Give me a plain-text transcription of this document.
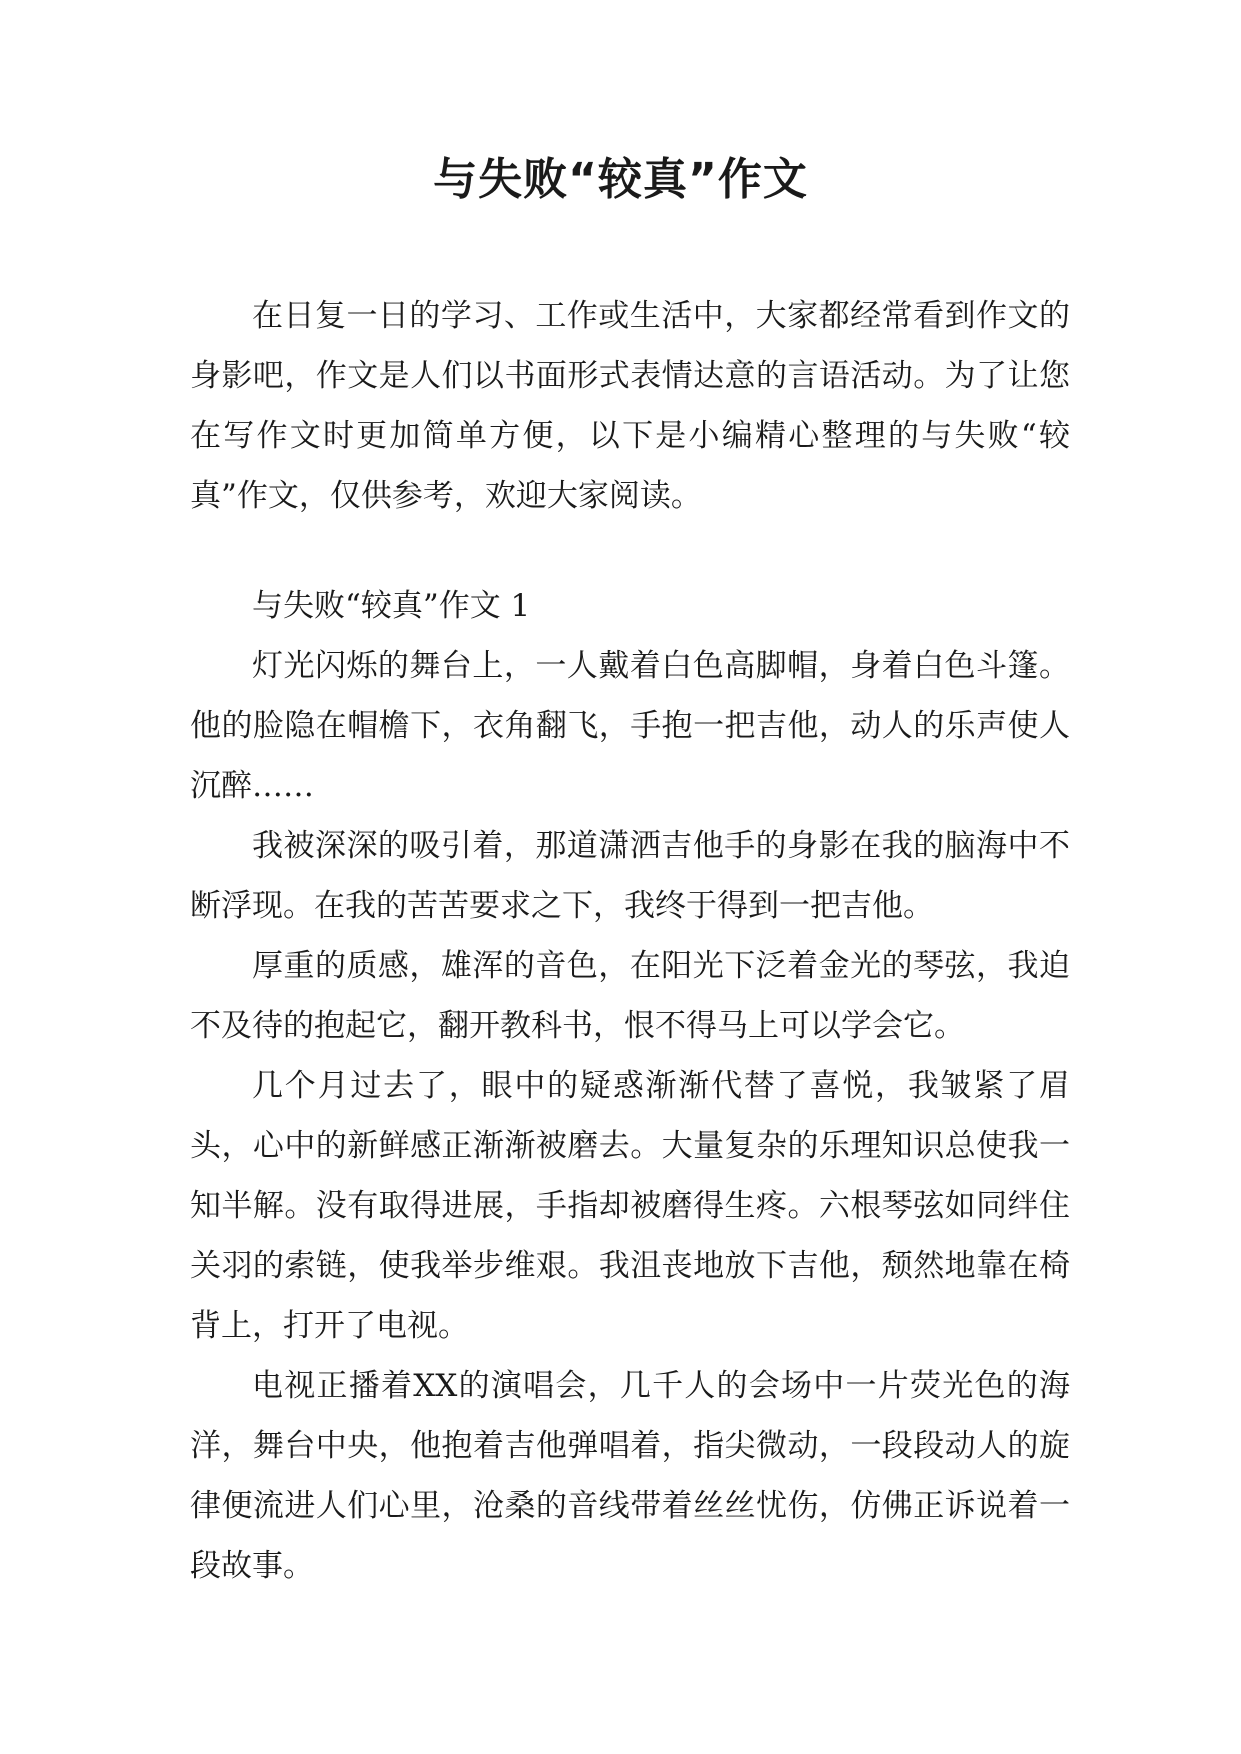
与失败“较真”作文

在日复一日的学习、工作或生活中，大家都经常看到作文的身影吧，作文是人们以书面形式表情达意的言语活动。为了让您在写作文时更加简单方便，以下是小编精心整理的与失败“较真”作文，仅供参考，欢迎大家阅读。

与失败“较真”作文 1

灯光闪烁的舞台上，一人戴着白色高脚帽，身着白色斗篷。他的脸隐在帽檐下，衣角翻飞，手抱一把吉他，动人的乐声使人沉醉……

我被深深的吸引着，那道潇洒吉他手的身影在我的脑海中不断浮现。在我的苦苦要求之下，我终于得到一把吉他。

厚重的质感，雄浑的音色，在阳光下泛着金光的琴弦，我迫不及待的抱起它，翻开教科书，恨不得马上可以学会它。

几个月过去了，眼中的疑惑渐渐代替了喜悦，我皱紧了眉头，心中的新鲜感正渐渐被磨去。大量复杂的乐理知识总使我一知半解。没有取得进展，手指却被磨得生疼。六根琴弦如同绊住关羽的索链，使我举步维艰。我沮丧地放下吉他，颓然地靠在椅背上，打开了电视。

电视正播着XX的演唱会，几千人的会场中一片荧光色的海洋，舞台中央，他抱着吉他弹唱着，指尖微动，一段段动人的旋律便流进人们心里，沧桑的音线带着丝丝忧伤，仿佛正诉说着一段故事。
